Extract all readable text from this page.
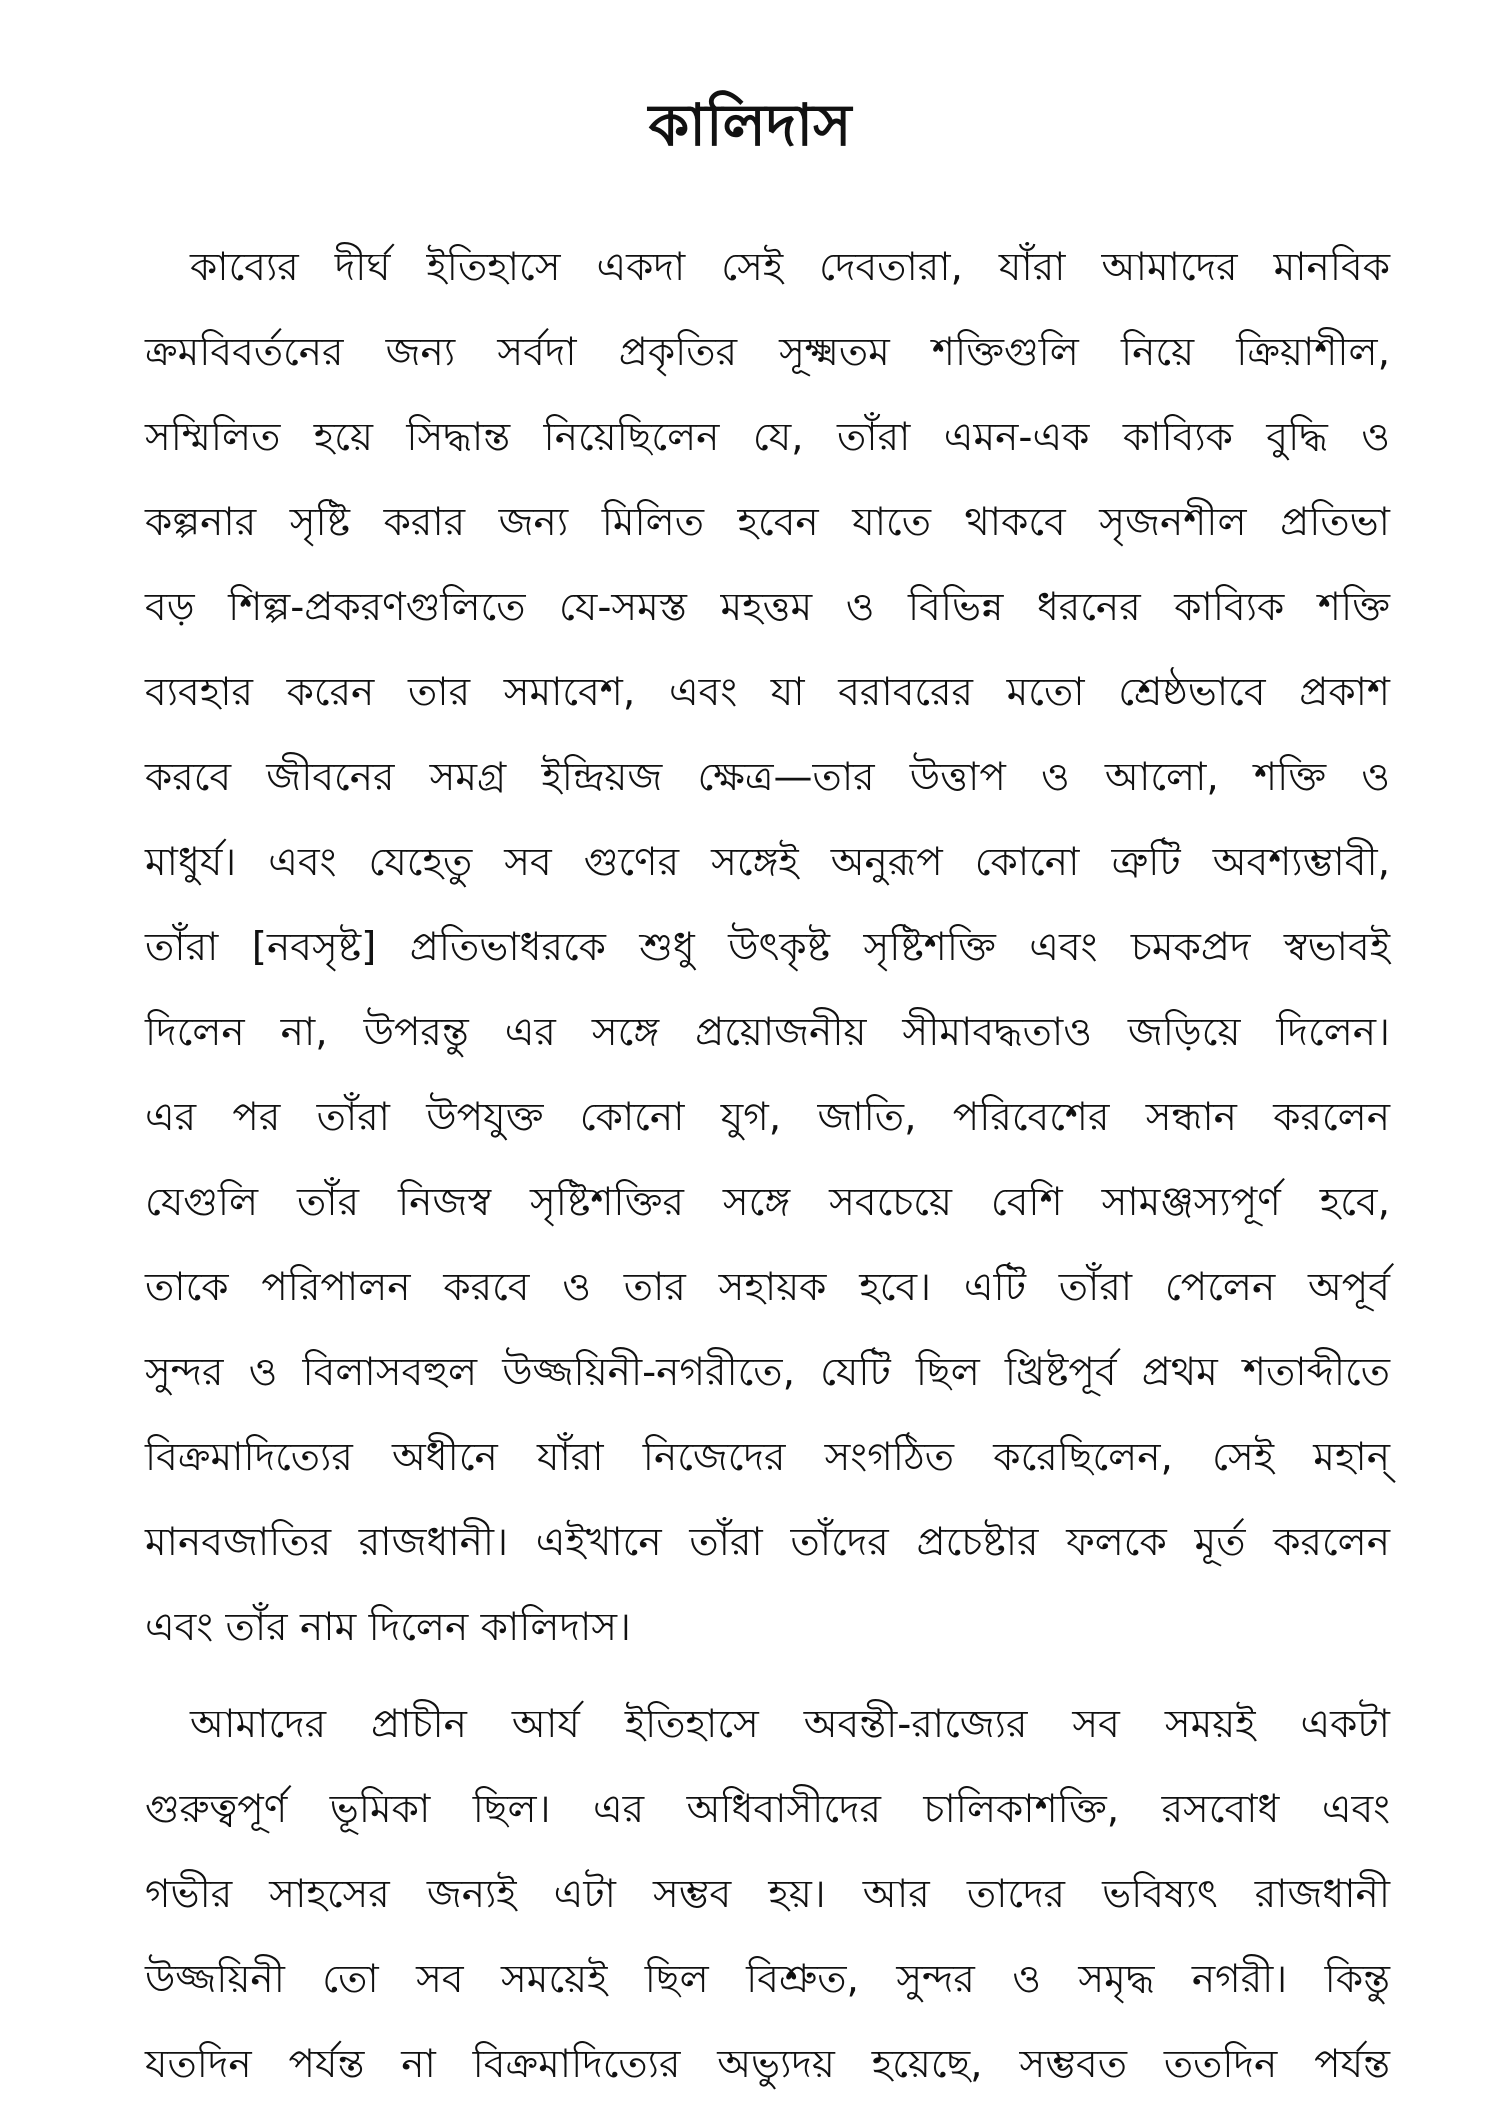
কালিদাস
কাব্যের দীর্ঘ ইতিহাসে একদা সেই দেবতারা, যাঁরা আমাদের মানবিক
ক্রমবিবর্তনের জন্য সর্বদা প্রকৃতির সূক্ষ্মতম শক্তিগুলি নিয়ে ক্রিয়াশীল,
সম্মিলিত হয়ে সিদ্ধান্ত নিয়েছিলেন যে, তাঁরা এমন-এক কাব্যিক বুদ্ধি ও
কল্পনার সৃষ্টি করার জন্য মিলিত হবেন যাতে থাকবে সৃজনশীল প্রতিভা
বড় শিল্প-প্রকরণগুলিতে যে-সমস্ত মহত্তম ও বিভিন্ন ধরনের কাব্যিক শক্তি
ব্যবহার করেন তার সমাবেশ, এবং যা বরাবরের মতো শ্রেষ্ঠভাবে প্রকাশ
করবে জীবনের সমগ্র ইন্দ্রিয়জ ক্ষেত্র—তার উত্তাপ ও আলো, শক্তি ও
মাধুর্য। এবং যেহেতু সব গুণের সঙ্গেই অনুরূপ কোনো ত্রুটি অবশ্যম্ভাবী,
তাঁরা [নবসৃষ্ট] প্রতিভাধরকে শুধু উৎকৃষ্ট সৃষ্টিশক্তি এবং চমকপ্রদ স্বভাবই
দিলেন না, উপরন্তু এর সঙ্গে প্রয়োজনীয় সীমাবদ্ধতাও জড়িয়ে দিলেন।
এর পর তাঁরা উপযুক্ত কোনো যুগ, জাতি, পরিবেশের সন্ধান করলেন
যেগুলি তাঁর নিজস্ব সৃষ্টিশক্তির সঙ্গে সবচেয়ে বেশি সামঞ্জস্যপূর্ণ হবে,
তাকে পরিপালন করবে ও তার সহায়ক হবে। এটি তাঁরা পেলেন অপূর্ব
সুন্দর ও বিলাসবহুল উজ্জয়িনী-নগরীতে, যেটি ছিল খ্রিষ্টপূর্ব প্রথম শতাব্দীতে
বিক্রমাদিত্যের অধীনে যাঁরা নিজেদের সংগঠিত করেছিলেন, সেই মহান্
মানবজাতির রাজধানী। এইখানে তাঁরা তাঁদের প্রচেষ্টার ফলকে মূর্ত করলেন
এবং তাঁর নাম দিলেন কালিদাস।
আমাদের প্রাচীন আর্য ইতিহাসে অবন্তী-রাজ্যের সব সময়ই একটা
গুরুত্বপূর্ণ ভূমিকা ছিল। এর অধিবাসীদের চালিকাশক্তি, রসবোধ এবং
গভীর সাহসের জন্যই এটা সম্ভব হয়। আর তাদের ভবিষ্যৎ রাজধানী
উজ্জয়িনী তো সব সময়েই ছিল বিশ্রুত, সুন্দর ও সমৃদ্ধ নগরী। কিন্তু
যতদিন পর্যন্ত না বিক্রমাদিত্যের অভ্যুদয় হয়েছে, সম্ভবত ততদিন পর্যন্ত
